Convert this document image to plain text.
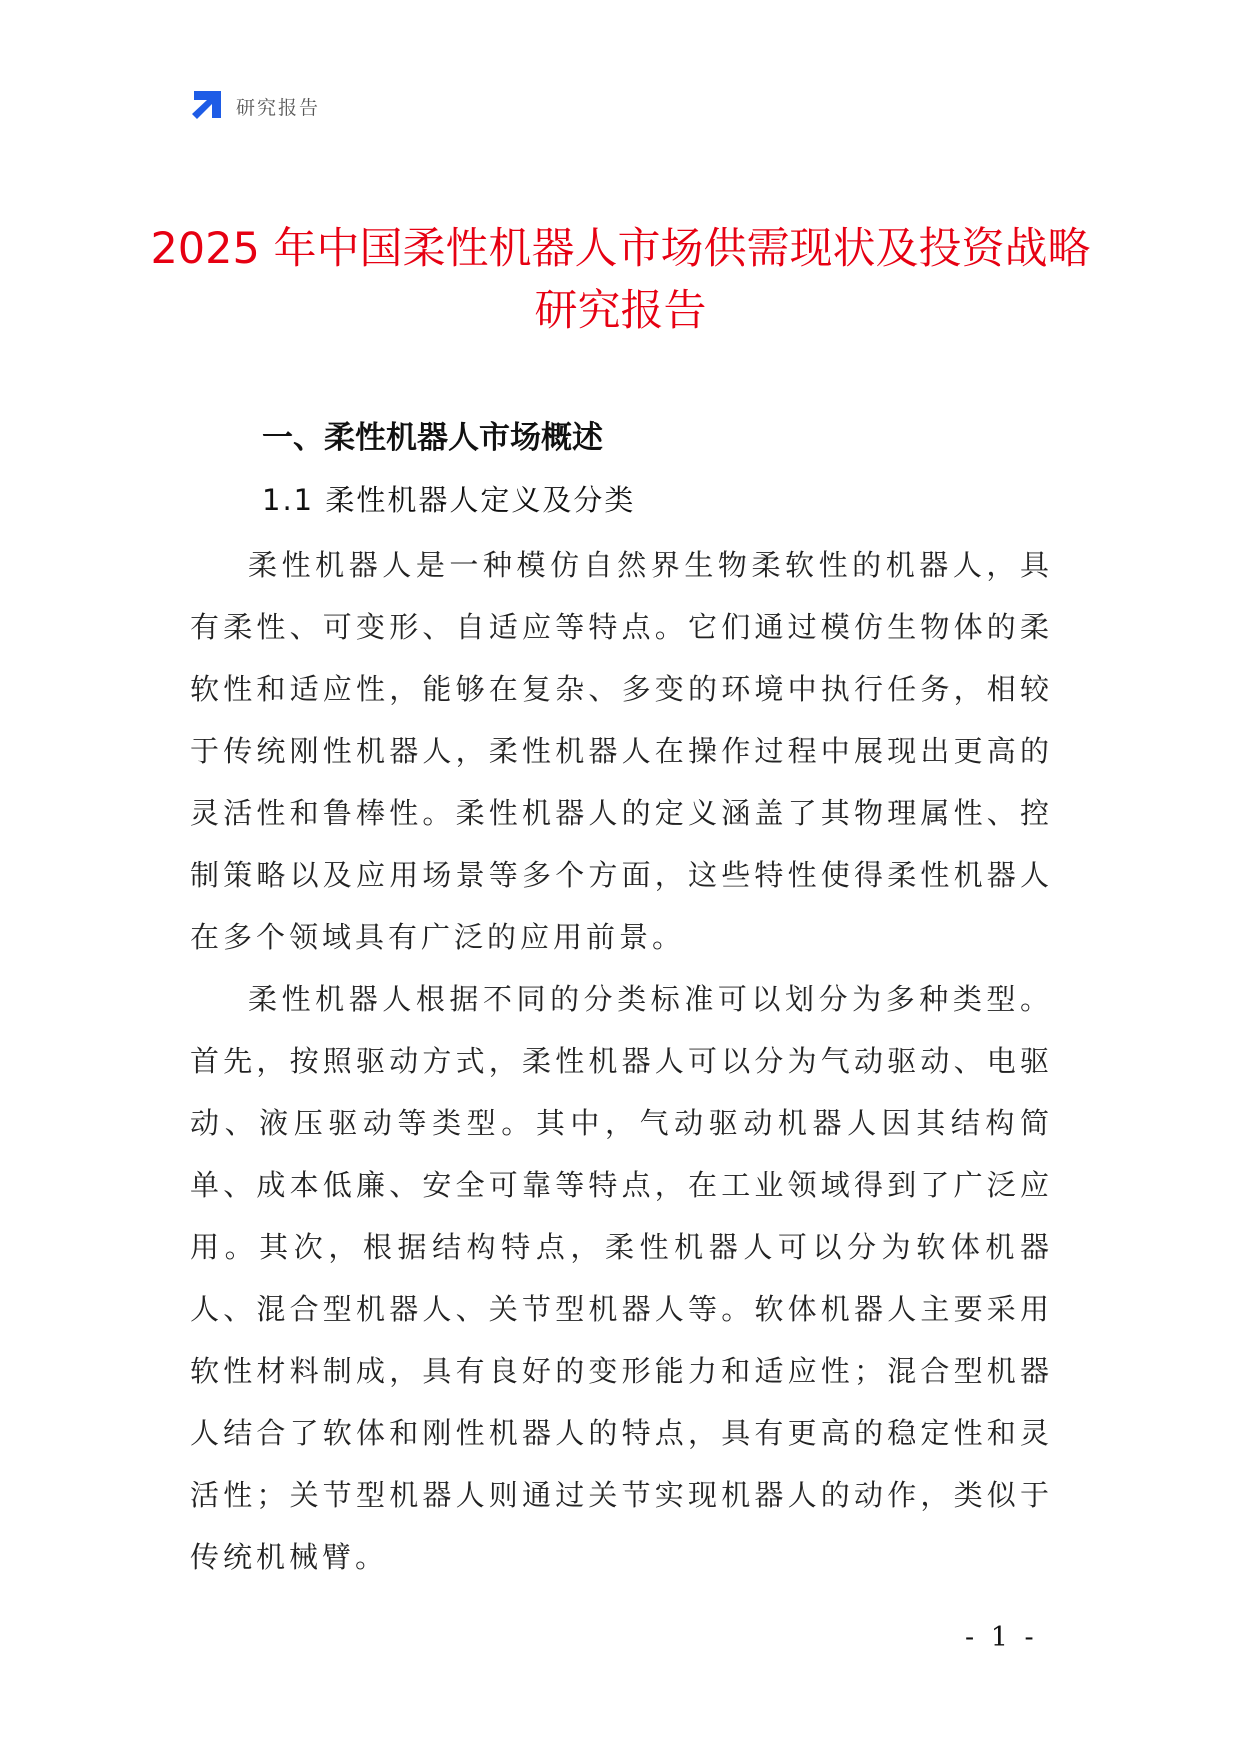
研究报告
2025 年中国柔性机器人市场供需现状及投资战略研究报告
一、柔性机器人市场概述
1.1 柔性机器人定义及分类

柔性机器人是一种模仿自然界生物柔软性的机器人，具有柔性、可变形、自适应等特点。它们通过模仿生物体的柔软性和适应性，能够在复杂、多变的环境中执行任务，相较于传统刚性机器人，柔性机器人在操作过程中展现出更高的灵活性和鲁棒性。柔性机器人的定义涵盖了其物理属性、控制策略以及应用场景等多个方面，这些特性使得柔性机器人在多个领域具有广泛的应用前景。

柔性机器人根据不同的分类标准可以划分为多种类型。首先，按照驱动方式，柔性机器人可以分为气动驱动、电驱动、液压驱动等类型。其中，气动驱动机器人因其结构简单、成本低廉、安全可靠等特点，在工业领域得到了广泛应用。其次，根据结构特点，柔性机器人可以分为软体机器人、混合型机器人、关节型机器人等。软体机器人主要采用软性材料制成，具有良好的变形能力和适应性；混合型机器人结合了软体和刚性机器人的特点，具有更高的稳定性和灵活性；关节型机器人则通过关节实现机器人的动作，类似于传统机械臂。

- 1 -
